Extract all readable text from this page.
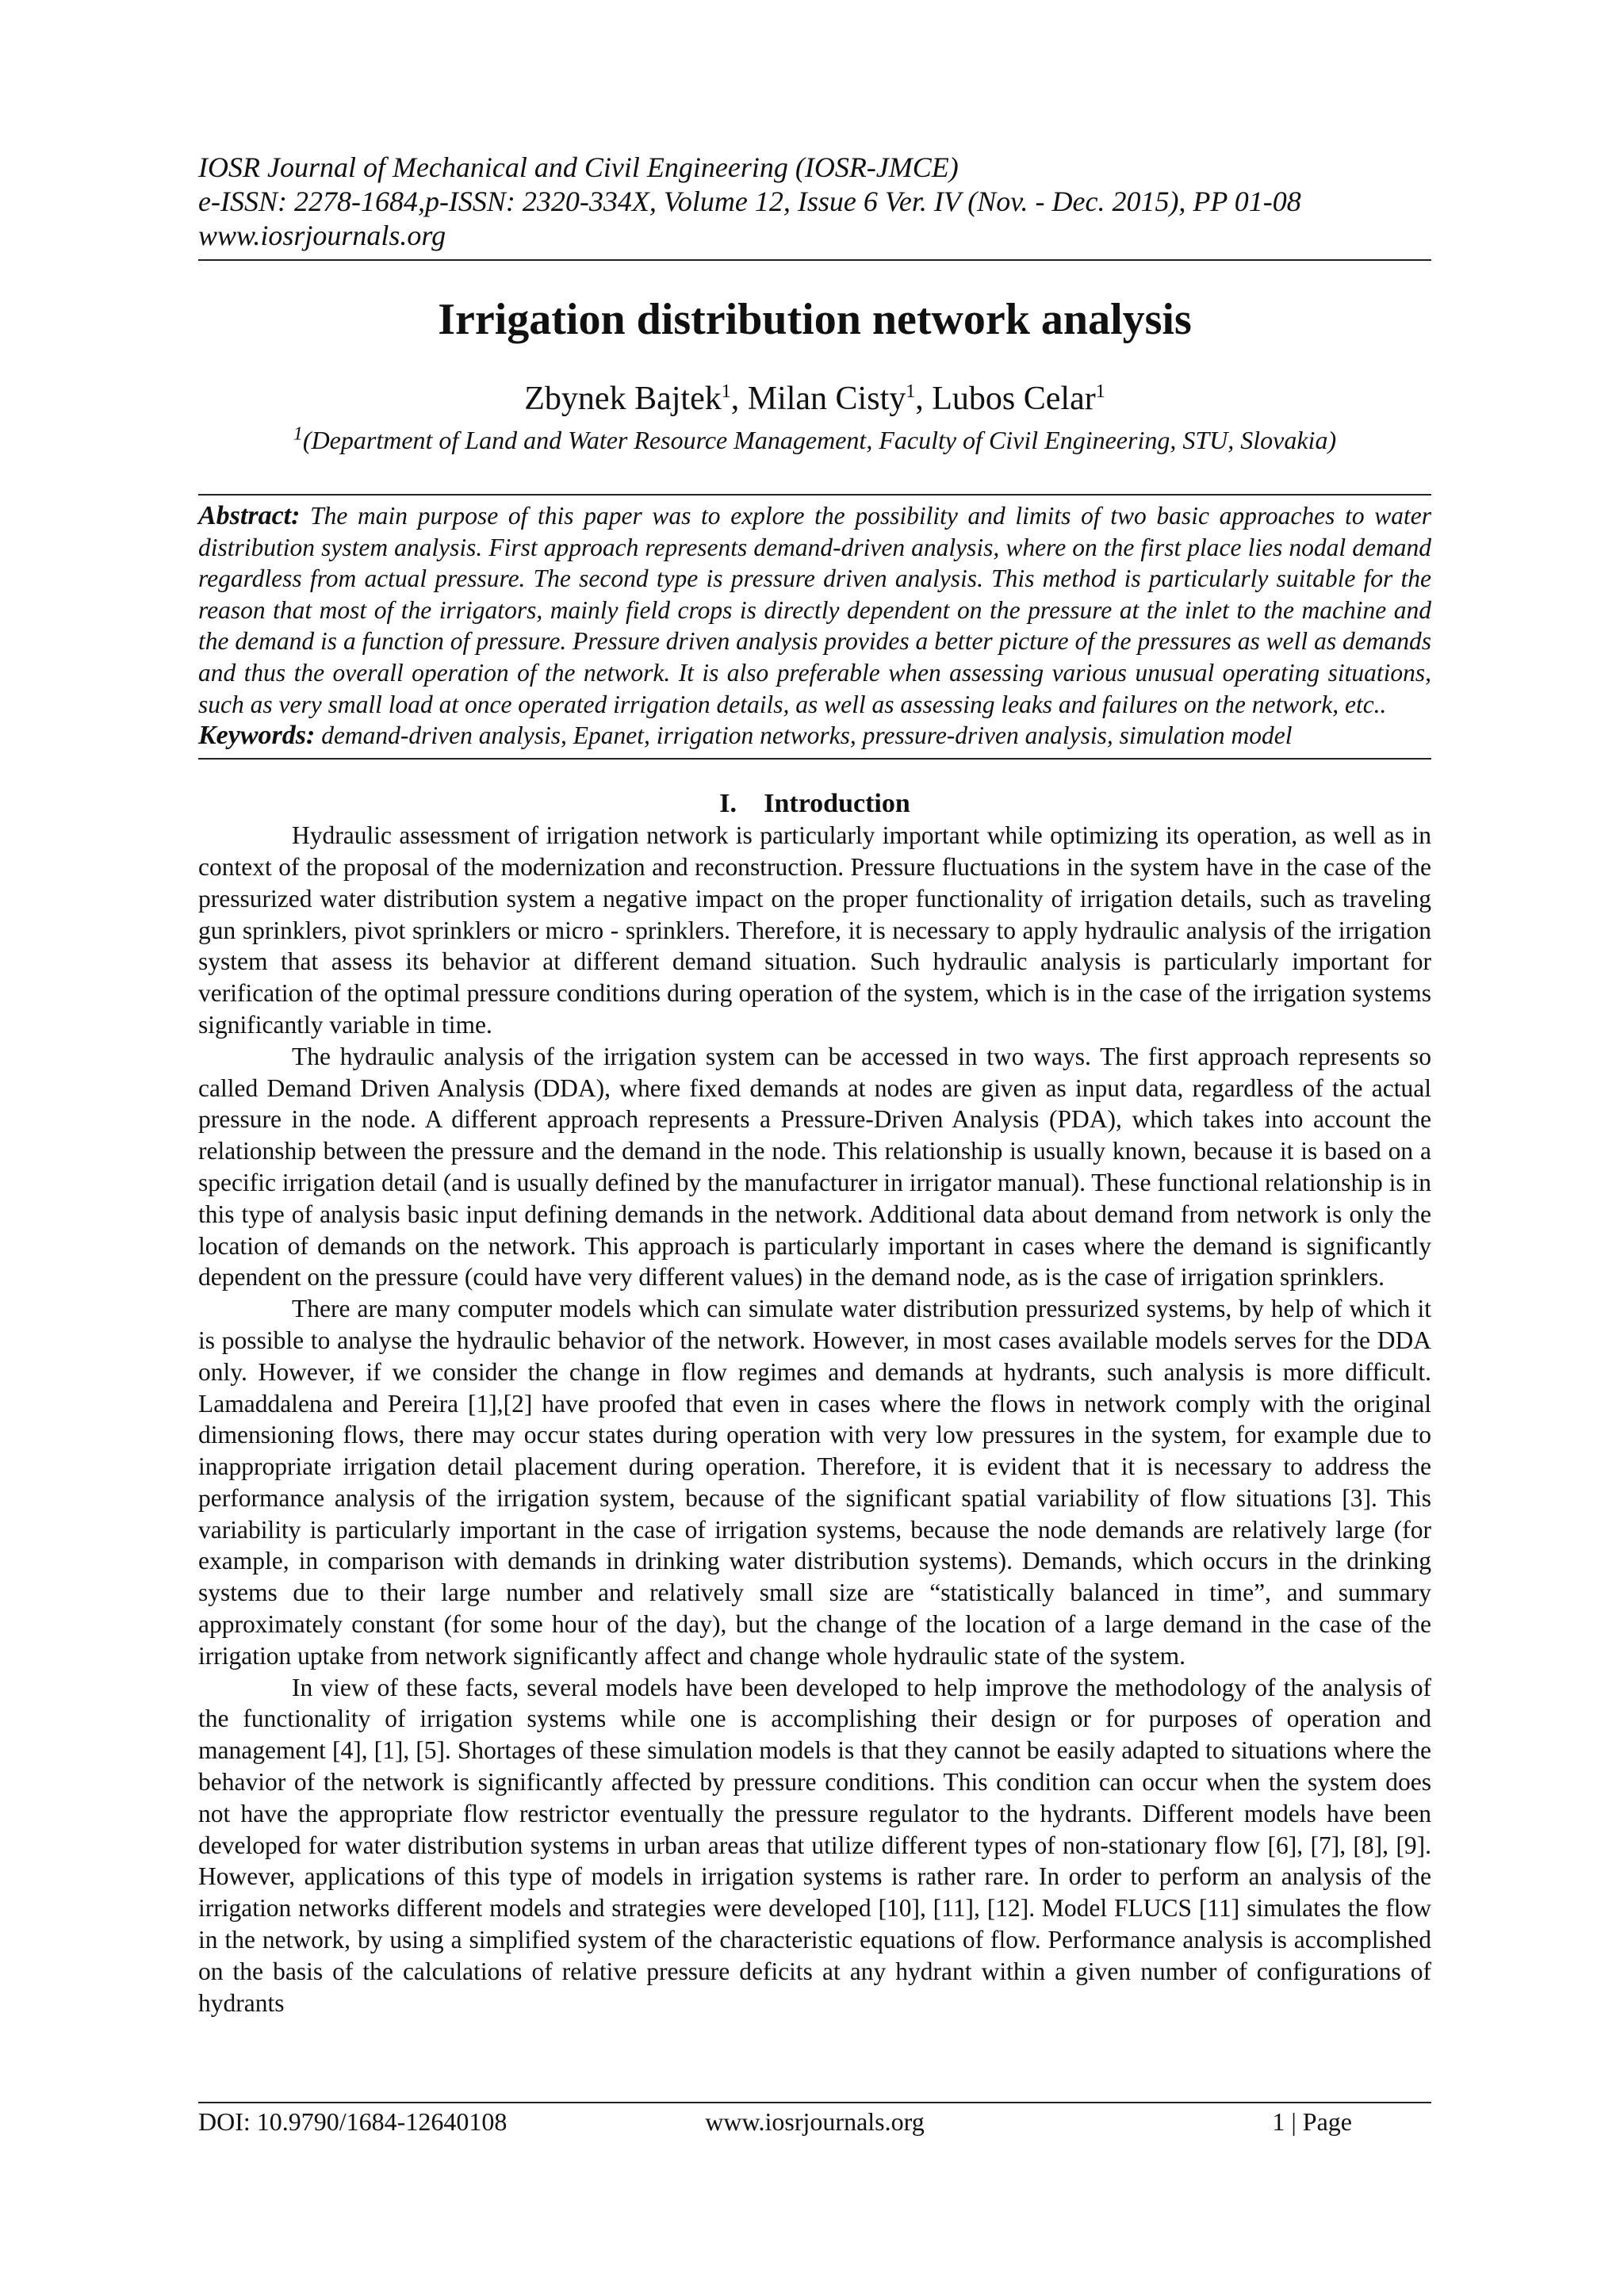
IOSR Journal of Mechanical and Civil Engineering (IOSR-JMCE)
e-ISSN: 2278-1684,p-ISSN: 2320-334X, Volume 12, Issue 6 Ver. IV (Nov. - Dec. 2015), PP 01-08
www.iosrjournals.org
Irrigation distribution network analysis
Zbynek Bajtek$^1$, Milan Cisty$^1$, Lubos Celar$^1$
$^1$(Department of Land and Water Resource Management, Faculty of Civil Engineering, STU, Slovakia)
Abstract: The main purpose of this paper was to explore the possibility and limits of two basic approaches to water distribution system analysis. First approach represents demand-driven analysis, where on the first place lies nodal demand regardless from actual pressure. The second type is pressure driven analysis. This method is particularly suitable for the reason that most of the irrigators, mainly field crops is directly dependent on the pressure at the inlet to the machine and the demand is a function of pressure. Pressure driven analysis provides a better picture of the pressures as well as demands and thus the overall operation of the network. It is also preferable when assessing various unusual operating situations, such as very small load at once operated irrigation details, as well as assessing leaks and failures on the network, etc..
Keywords: demand-driven analysis, Epanet, irrigation networks, pressure-driven analysis, simulation model
I. Introduction

Hydraulic assessment of irrigation network is particularly important while optimizing its operation, as well as in context of the proposal of the modernization and reconstruction. Pressure fluctuations in the system have in the case of the pressurized water distribution system a negative impact on the proper functionality of irrigation details, such as traveling gun sprinklers, pivot sprinklers or micro - sprinklers. Therefore, it is necessary to apply hydraulic analysis of the irrigation system that assess its behavior at different demand situation. Such hydraulic analysis is particularly important for verification of the optimal pressure conditions during operation of the system, which is in the case of the irrigation systems significantly variable in time.

The hydraulic analysis of the irrigation system can be accessed in two ways. The first approach represents so called Demand Driven Analysis (DDA), where fixed demands at nodes are given as input data, regardless of the actual pressure in the node. A different approach represents a Pressure-Driven Analysis (PDA), which takes into account the relationship between the pressure and the demand in the node. This relationship is usually known, because it is based on a specific irrigation detail (and is usually defined by the manufacturer in irrigator manual). These functional relationship is in this type of analysis basic input defining demands in the network. Additional data about demand from network is only the location of demands on the network. This approach is particularly important in cases where the demand is significantly dependent on the pressure (could have very different values) in the demand node, as is the case of irrigation sprinklers.

There are many computer models which can simulate water distribution pressurized systems, by help of which it is possible to analyse the hydraulic behavior of the network. However, in most cases available models serves for the DDA only. However, if we consider the change in flow regimes and demands at hydrants, such analysis is more difficult. Lamaddalena and Pereira [1],[2] have proofed that even in cases where the flows in network comply with the original dimensioning flows, there may occur states during operation with very low pressures in the system, for example due to inappropriate irrigation detail placement during operation. Therefore, it is evident that it is necessary to address the performance analysis of the irrigation system, because of the significant spatial variability of flow situations [3]. This variability is particularly important in the case of irrigation systems, because the node demands are relatively large (for example, in comparison with demands in drinking water distribution systems). Demands, which occurs in the drinking systems due to their large number and relatively small size are “statistically balanced in time”, and summary approximately constant (for some hour of the day), but the change of the location of a large demand in the case of the irrigation uptake from network significantly affect and change whole hydraulic state of the system.

In view of these facts, several models have been developed to help improve the methodology of the analysis of the functionality of irrigation systems while one is accomplishing their design or for purposes of operation and management [4], [1], [5]. Shortages of these simulation models is that they cannot be easily adapted to situations where the behavior of the network is significantly affected by pressure conditions. This condition can occur when the system does not have the appropriate flow restrictor eventually the pressure regulator to the hydrants. Different models have been developed for water distribution systems in urban areas that utilize different types of non-stationary flow [6], [7], [8], [9]. However, applications of this type of models in irrigation systems is rather rare. In order to perform an analysis of the irrigation networks different models and strategies were developed [10], [11], [12]. Model FLUCS [11] simulates the flow in the network, by using a simplified system of the characteristic equations of flow. Performance analysis is accomplished on the basis of the calculations of relative pressure deficits at any hydrant within a given number of configurations of hydrants

DOI: 10.9790/1684-12640108	www.iosrjournals.org	1 | Page
